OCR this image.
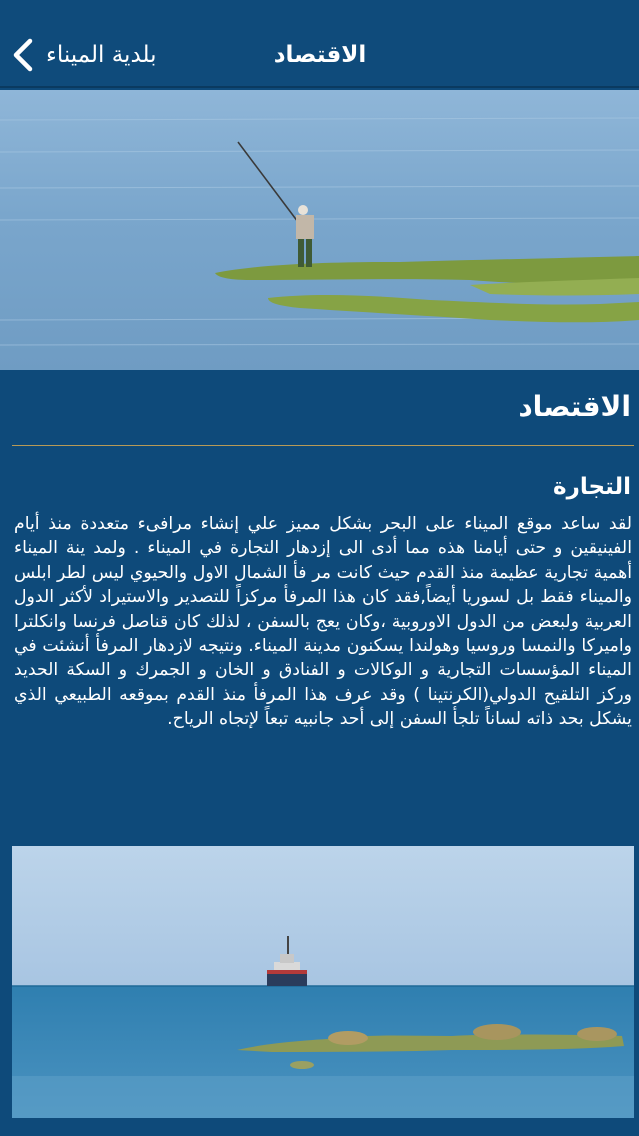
بلدية الميناء	الاقتصاد
الاقتصاد
التجارة
لقد ساعد موقع الميناء على البحر بشكل مميز علي إنشاء مرافىء متعددة منذ أيام الفينيقين و حتى أيامنا هذه مما أدى الى إزدهار التجارة في الميناء . ولمد ينة الميناء أهمية تجارية عظيمة منذ القدم حيث كانت مر فأ الشمال الاول والحيوي ليس لطر ابلس والميناء فقط بل لسوريا أيضاً,فقد كان هذا المرفأ مركزاً للتصدير والاستيراد لأكثر الدول العربية ولبعض من الدول الاوروبية ،وكان يعج بالسفن ، لذلك كان قناصل فرنسا وانكلترا واميركا والنمسا وروسيا وهولندا يسكنون مدينة الميناء. ونتيجه لازدهار المرفأ أنشئت في الميناء المؤسسات التجارية و الوكالات و الفنادق و الخان و الجمرك و السكة الحديد وركز التلقيح الدولي(الكرنتينا ) وقد عرف هذا المرفأ منذ القدم بموقعه الطبيعي الذي يشكل بحد ذاته لساناً تلجأ السفن إلى أحد جانبيه تبعاً لإتجاه الرياح.
